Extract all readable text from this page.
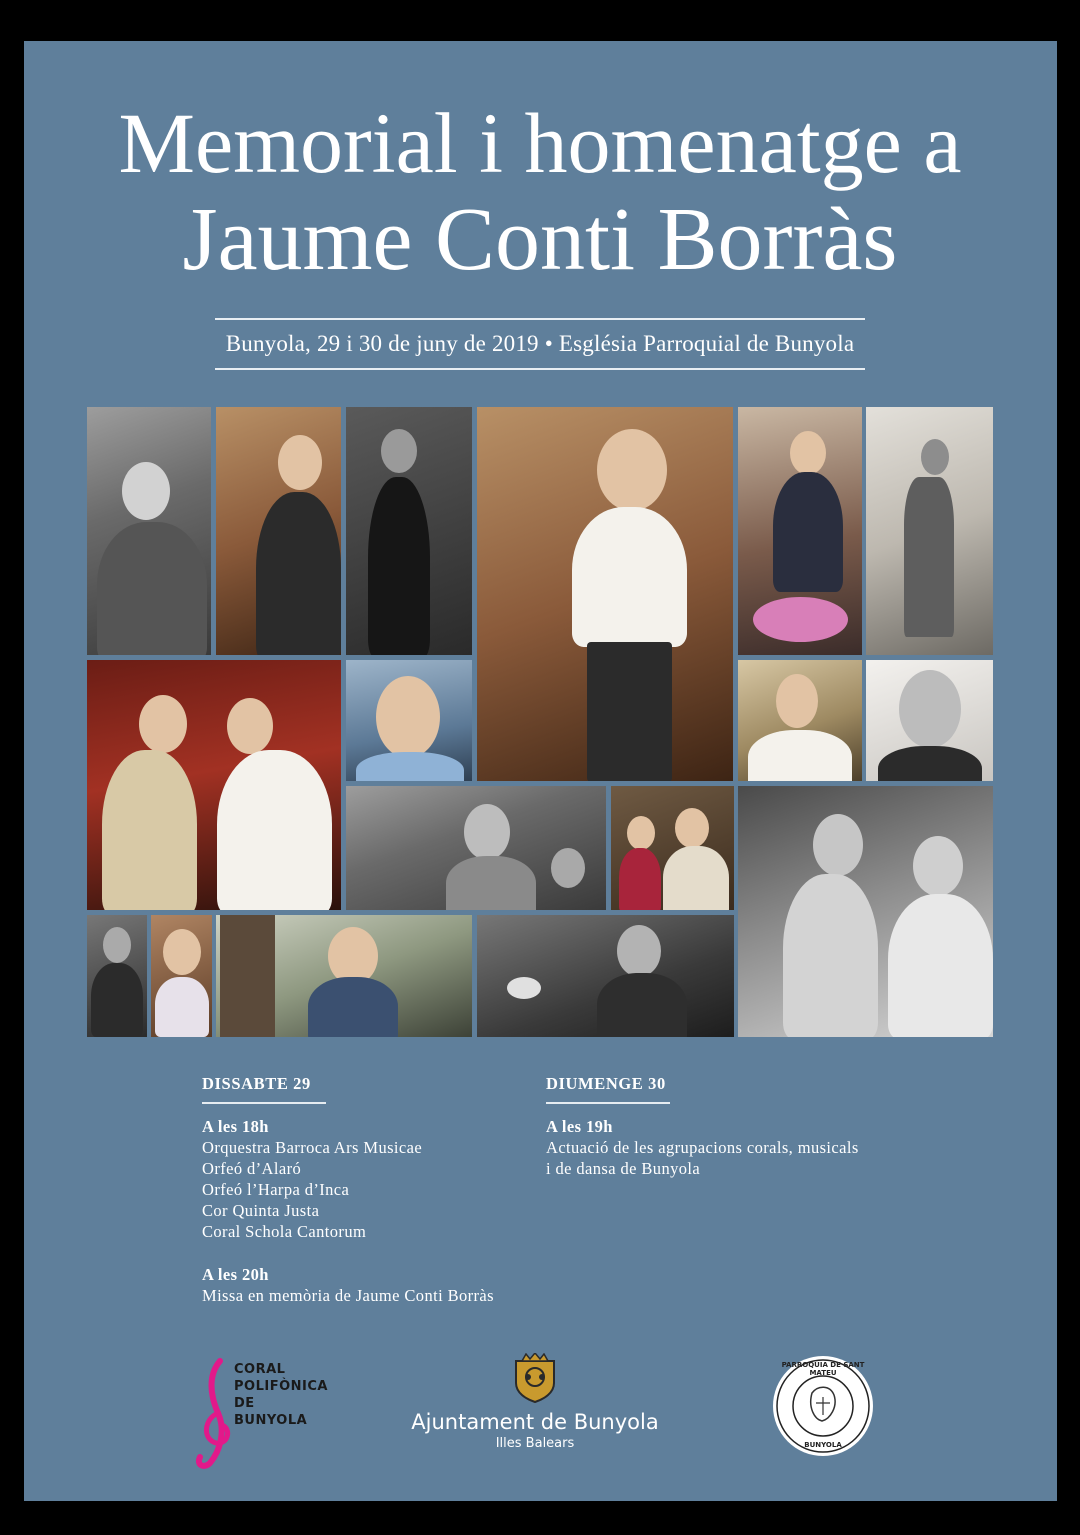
Memorial i homenatge a
Jaume Conti Borràs
Bunyola, 29 i 30 de juny de 2019 • Església Parroquial de Bunyola
DISSABTE 29
A les 18h
Orquestra Barroca Ars Musicae
Orfeó d’Alaró
Orfeó l’Harpa d’Inca
Cor Quinta Justa
Coral Schola Cantorum
A les 20h
Missa en memòria de Jaume Conti Borràs
DIUMENGE 30
A les 19h
Actuació de les agrupacions corals, musicals
i de dansa de Bunyola
CORAL
POLIFÒNICA
DE
BUNYOLA	Ajuntament de Bunyola
Illes Balears
PARROQUIA DE SANT MATEU
BUNYOLA
